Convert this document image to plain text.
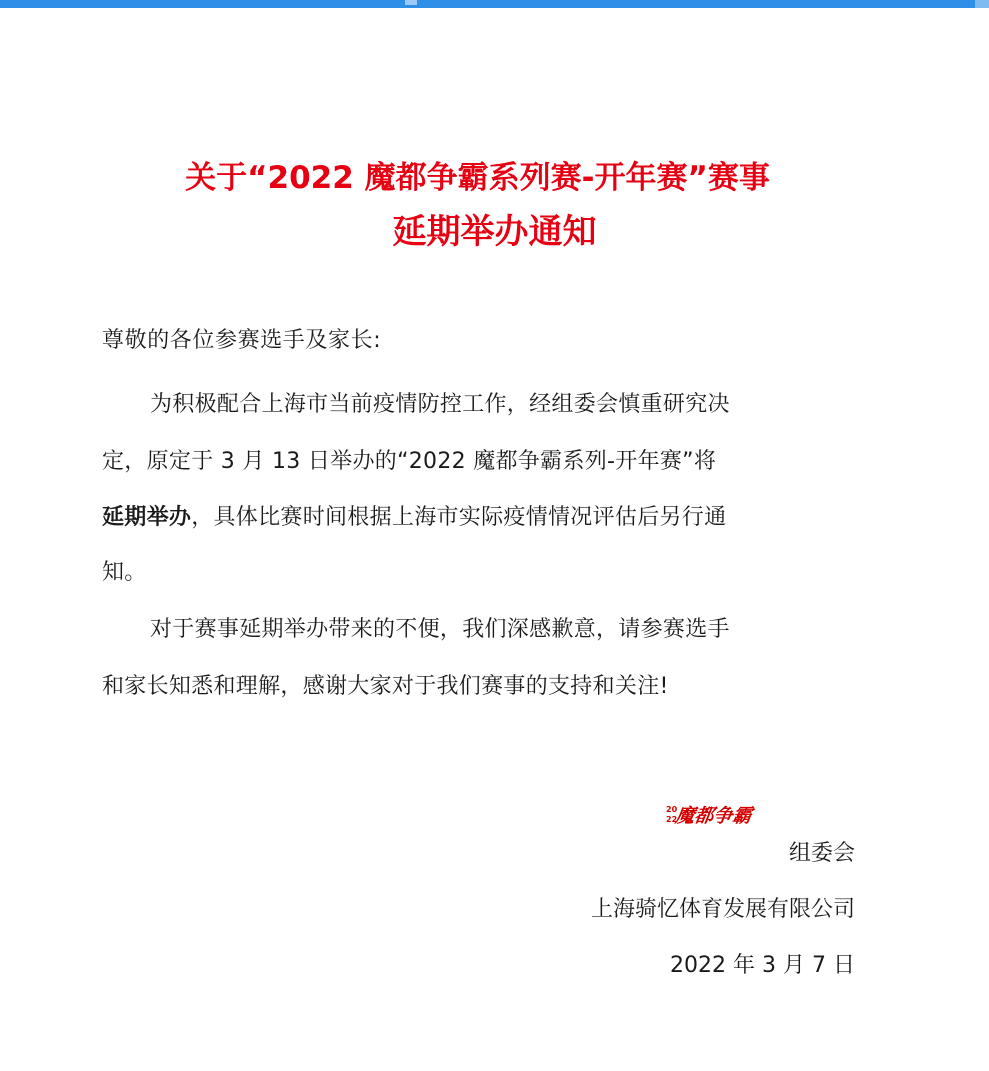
关于“2022 魔都争霸系列赛-开年赛”赛事
延期举办通知
尊敬的各位参赛选手及家长:
为积极配合上海市当前疫情防控工作，经组委会慎重研究决
定，原定于 3 月 13 日举办的“2022 魔都争霸系列-开年赛”将
延期举办，具体比赛时间根据上海市实际疫情情况评估后另行通
知。
对于赛事延期举办带来的不便，我们深感歉意，请参赛选手
和家长知悉和理解，感谢大家对于我们赛事的支持和关注!
20
22
魔都争霸
组委会
上海骑忆体育发展有限公司
2022 年 3 月 7 日
